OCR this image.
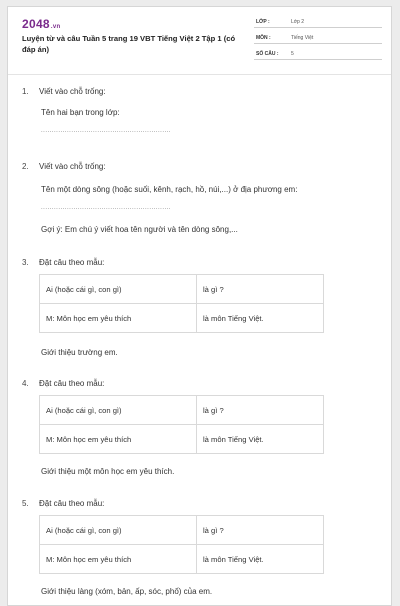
2048.vn
Luyện từ và câu Tuần 5 trang 19 VBT Tiếng Việt 2 Tập 1 (có đáp án)
LỚP :	Lớp 2
MÔN :	Tiếng Việt
SỐ CÂU :	5
1. Viết vào chỗ trống:
Tên hai bạn trong lớp:
............................................................
2. Viết vào chỗ trống:
Tên một dòng sông (hoặc suối, kênh, rạch, hồ, núi,...) ở địa phương em:
............................................................
Gợi ý: Em chú ý viết hoa tên người và tên dòng sông,...
3. Đặt câu theo mẫu:
Ai (hoặc cái gì, con gì)	là gì ?
M: Môn học em yêu thích	là môn Tiếng Việt.
Giới thiệu trường em.
4. Đặt câu theo mẫu:
Ai (hoặc cái gì, con gì)	là gì ?
M: Môn học em yêu thích	là môn Tiếng Việt.
Giới thiệu một môn học em yêu thích.
5. Đặt câu theo mẫu:
Ai (hoặc cái gì, con gì)	là gì ?
M: Môn học em yêu thích	là môn Tiếng Việt.
Giới thiệu làng (xóm, bản, ấp, sóc, phố) của em.
